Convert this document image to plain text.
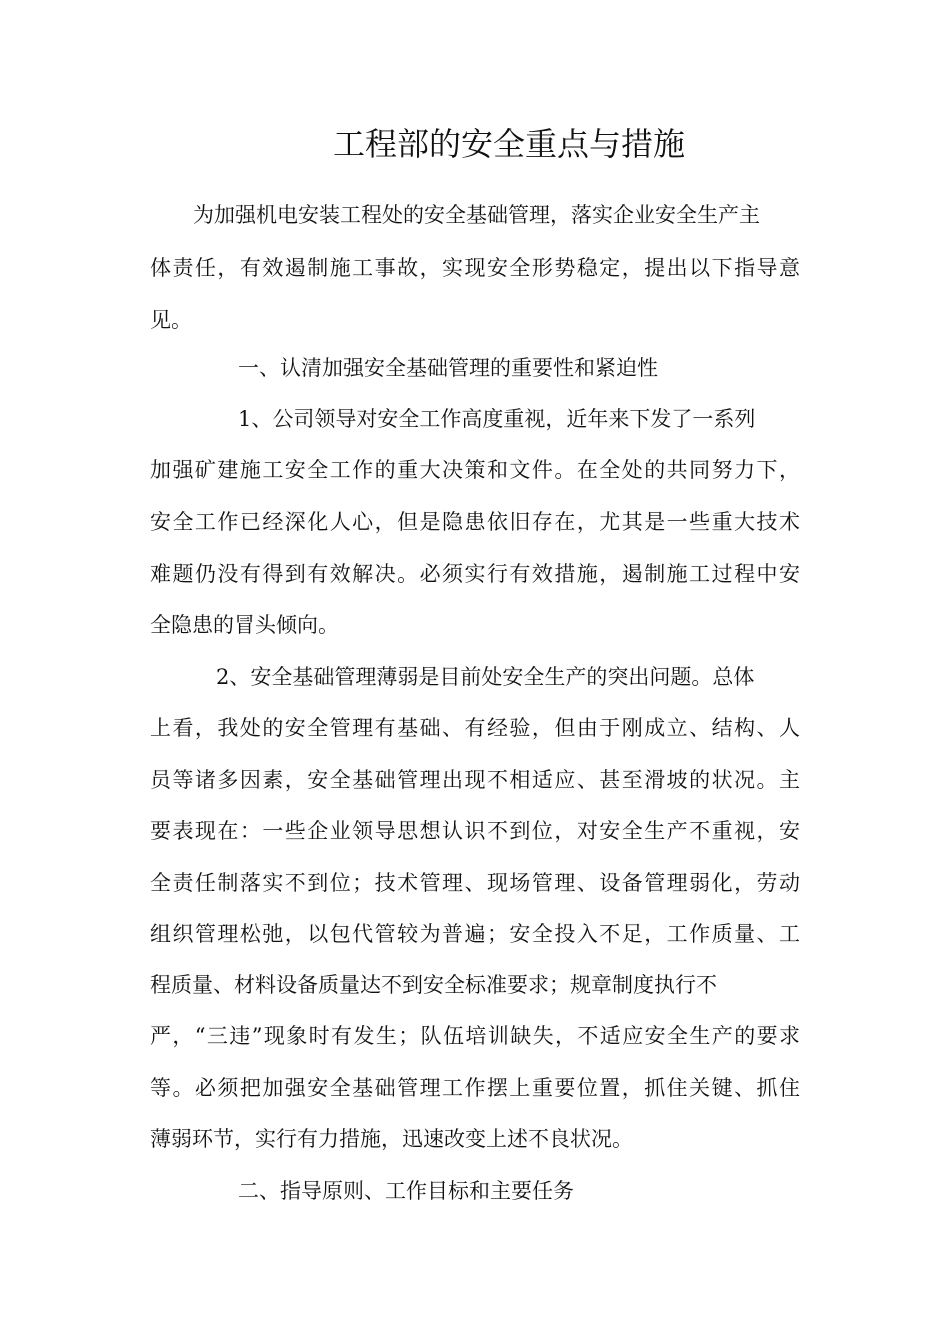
工程部的安全重点与措施
为加强机电安装工程处的安全基础管理，落实企业安全生产主
体责任，有效遏制施工事故，实现安全形势稳定，提出以下指导意
见。
一、认清加强安全基础管理的重要性和紧迫性
1、公司领导对安全工作高度重视，近年来下发了一系列
加强矿建施工安全工作的重大决策和文件。在全处的共同努力下，
安全工作已经深化人心，但是隐患依旧存在，尤其是一些重大技术
难题仍没有得到有效解决。必须实行有效措施，遏制施工过程中安
全隐患的冒头倾向。
2、安全基础管理薄弱是目前处安全生产的突出问题。总体
上看，我处的安全管理有基础、有经验，但由于刚成立、结构、人
员等诸多因素，安全基础管理出现不相适应、甚至滑坡的状况。主
要表现在：一些企业领导思想认识不到位，对安全生产不重视，安
全责任制落实不到位；技术管理、现场管理、设备管理弱化，劳动
组织管理松弛，以包代管较为普遍；安全投入不足，工作质量、工
程质量、材料设备质量达不到安全标准要求；规章制度执行不
严，“三违”现象时有发生；队伍培训缺失，不适应安全生产的要求
等。必须把加强安全基础管理工作摆上重要位置，抓住关键、抓住
薄弱环节，实行有力措施，迅速改变上述不良状况。
二、指导原则、工作目标和主要任务
